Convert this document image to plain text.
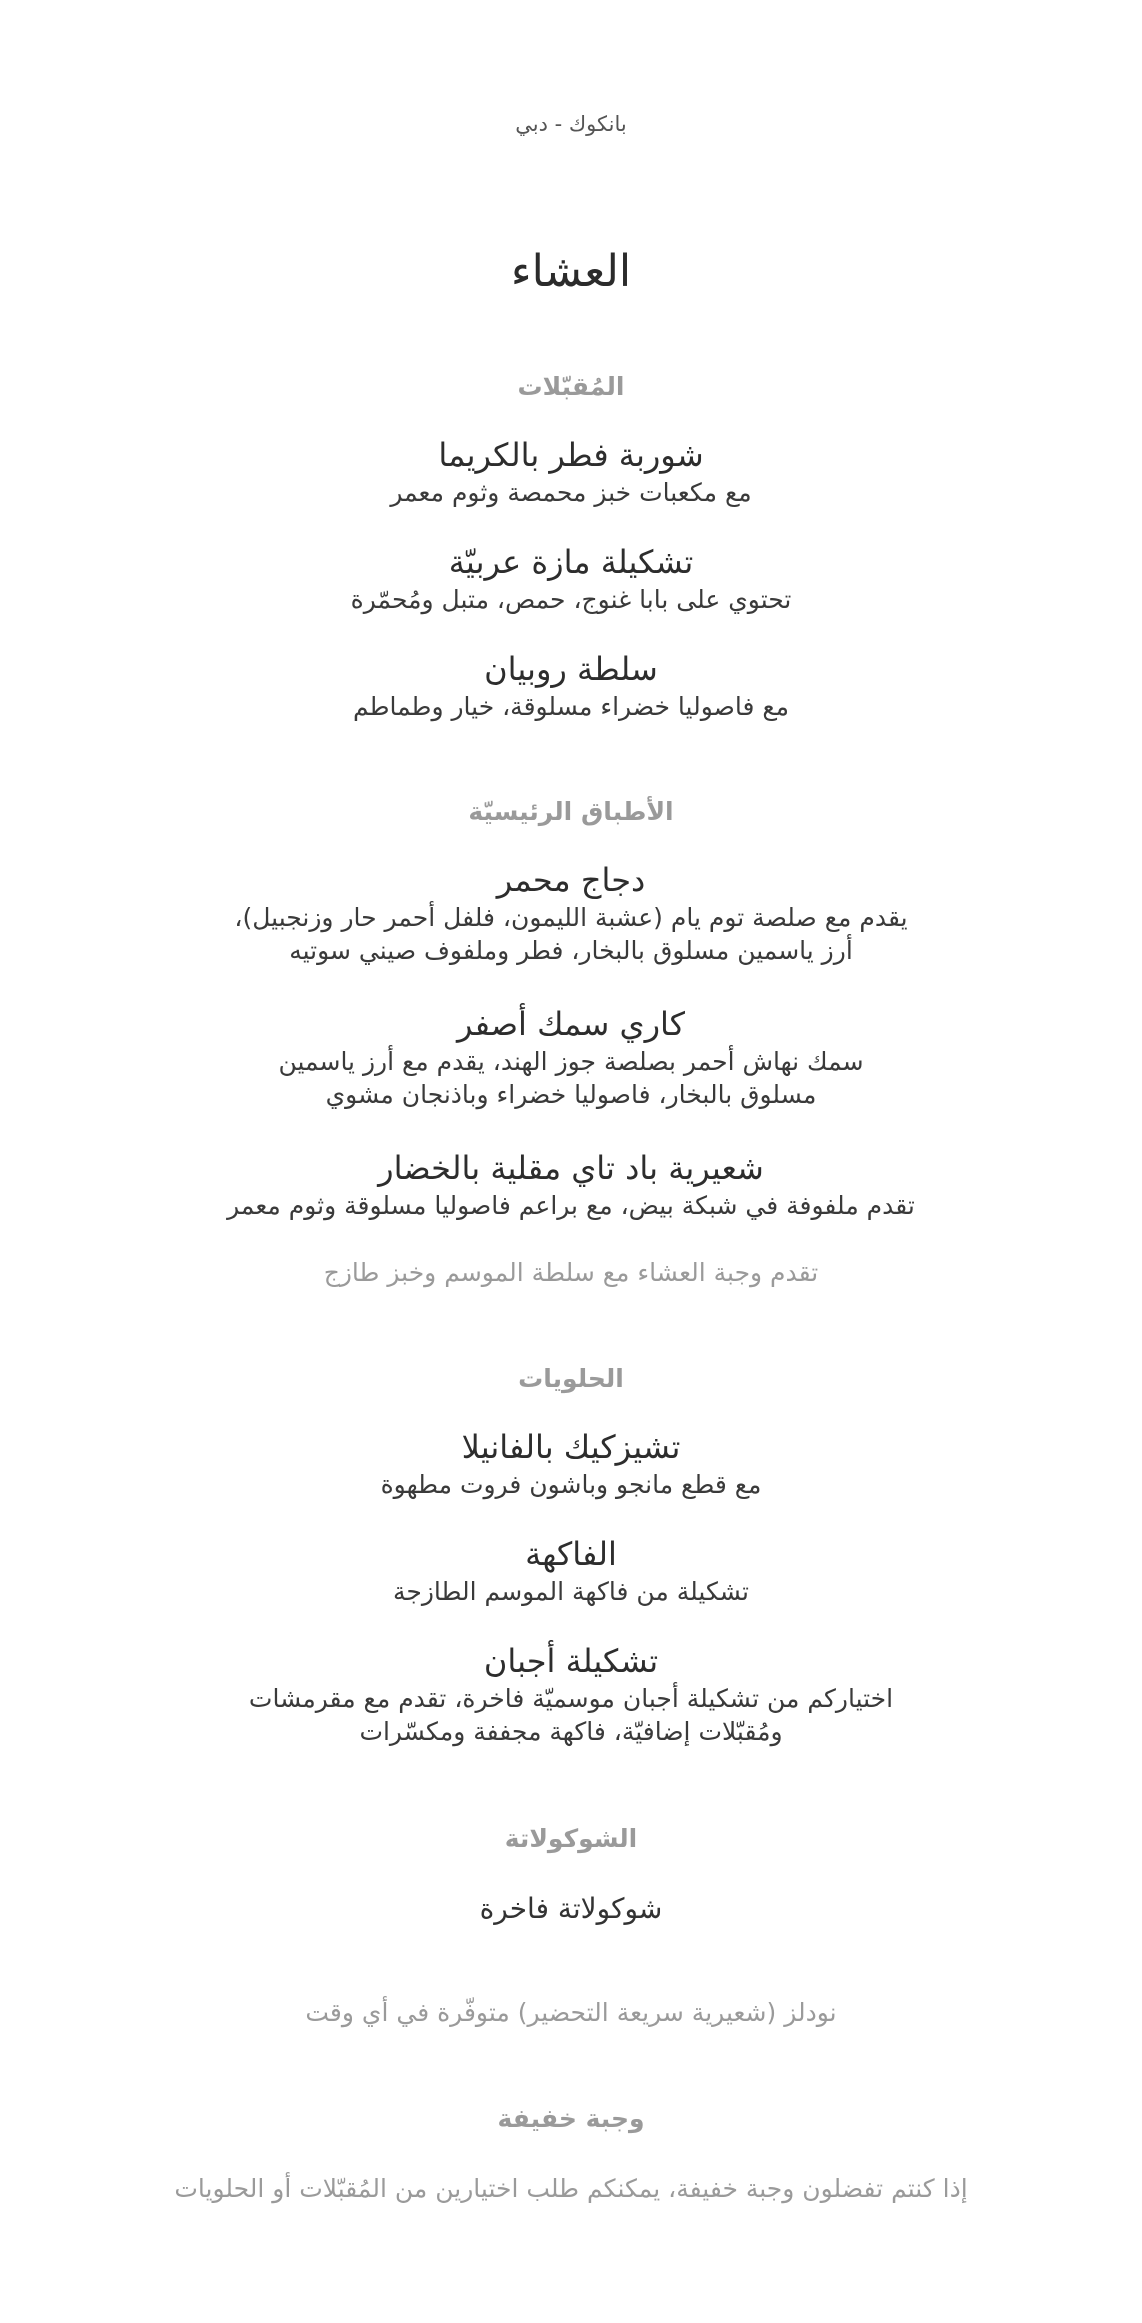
بانكوك - دبي
العشاء
المُقبّلات
شوربة فطر بالكريما
مع مكعبات خبز محمصة وثوم معمر
تشكيلة مازة عربيّة
تحتوي على بابا غنوج، حمص، متبل ومُحمّرة
سلطة روبيان
مع فاصوليا خضراء مسلوقة، خيار وطماطم
الأطباق الرئيسيّة
دجاج محمر
يقدم مع صلصة توم يام (عشبة الليمون، فلفل أحمر حار وزنجبيل)،
أرز ياسمين مسلوق بالبخار، فطر وملفوف صيني سوتيه
كاري سمك أصفر
سمك نهاش أحمر بصلصة جوز الهند، يقدم مع أرز ياسمين
مسلوق بالبخار، فاصوليا خضراء وباذنجان مشوي
شعيرية باد تاي مقلية بالخضار
تقدم ملفوفة في شبكة بيض، مع براعم فاصوليا مسلوقة وثوم معمر
تقدم وجبة العشاء مع سلطة الموسم وخبز طازج
الحلويات
تشيزكيك بالفانيلا
مع قطع مانجو وباشون فروت مطهوة
الفاكهة
تشكيلة من فاكهة الموسم الطازجة
تشكيلة أجبان
اختياركم من تشكيلة أجبان موسميّة فاخرة، تقدم مع مقرمشات
ومُقبّلات إضافيّة، فاكهة مجففة ومكسّرات
الشوكولاتة
شوكولاتة فاخرة
نودلز (شعيرية سريعة التحضير) متوفّرة في أي وقت
وجبة خفيفة
إذا كنتم تفضلون وجبة خفيفة، يمكنكم طلب اختيارين من المُقبّلات أو الحلويات
